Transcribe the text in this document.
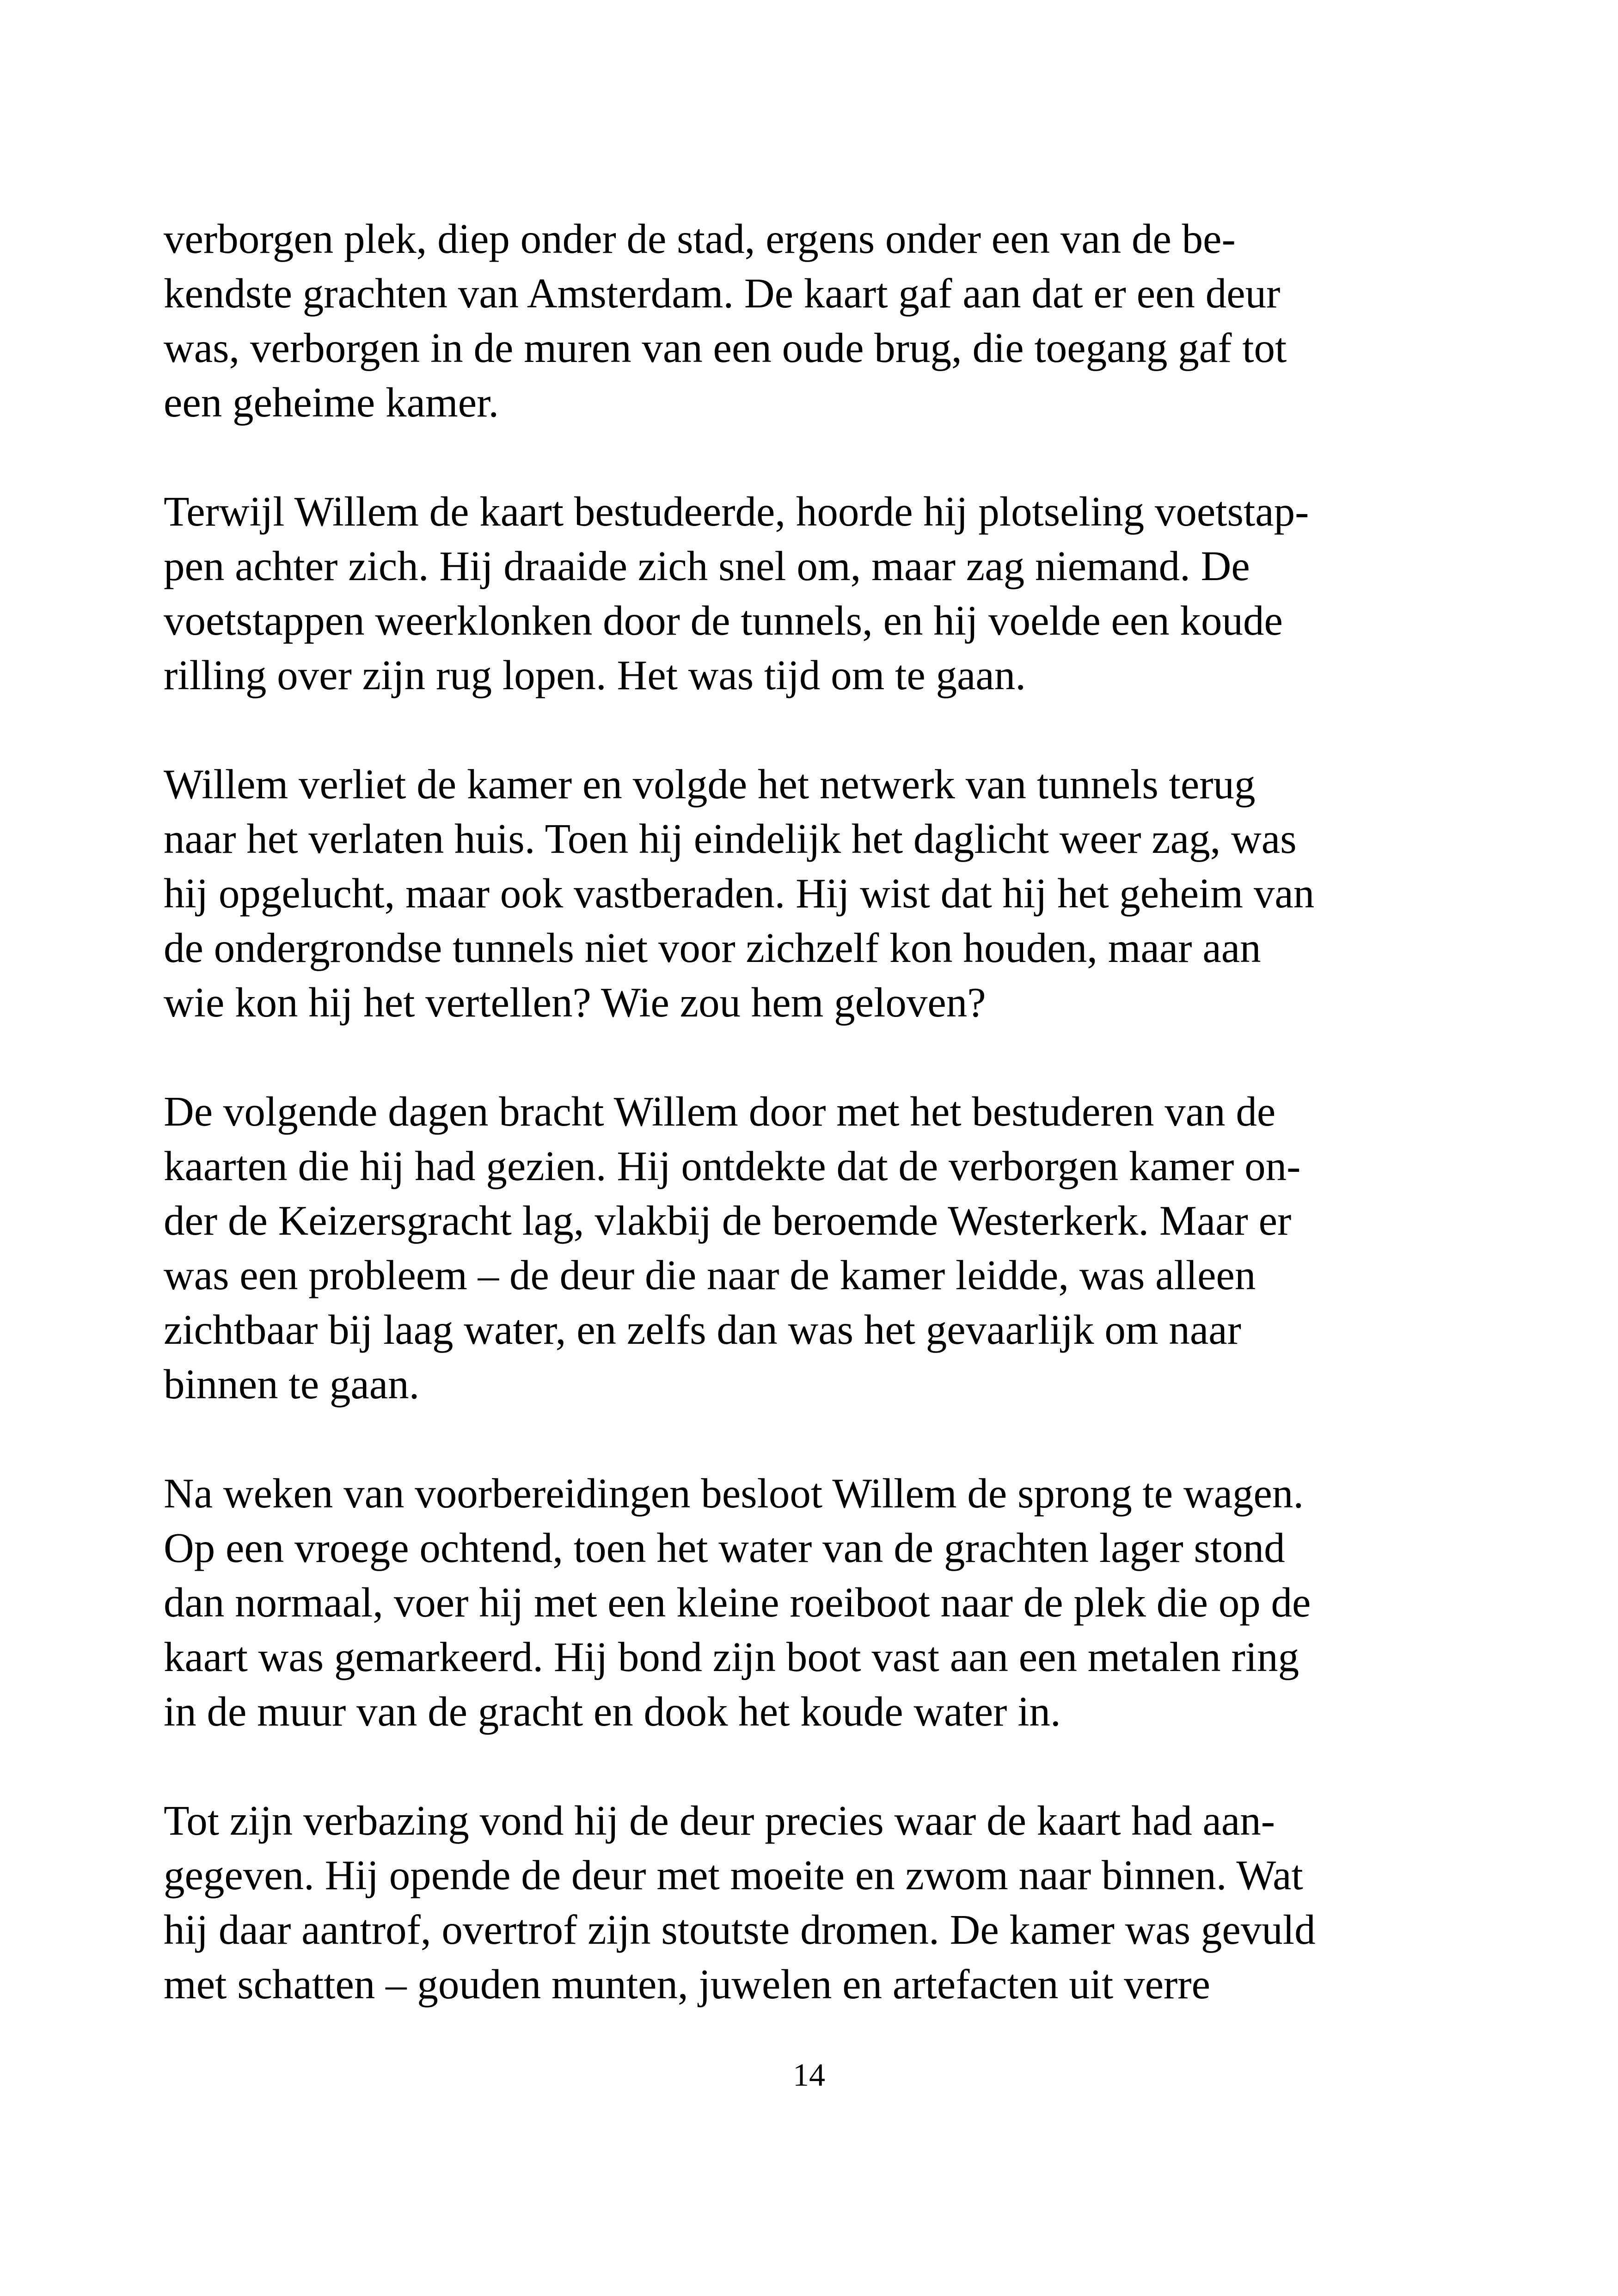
verborgen plek, diep onder de stad, ergens onder een van de be-
kendste grachten van Amsterdam. De kaart gaf aan dat er een deur
was, verborgen in de muren van een oude brug, die toegang gaf tot
een geheime kamer.
Terwijl Willem de kaart bestudeerde, hoorde hij plotseling voetstap-
pen achter zich. Hij draaide zich snel om, maar zag niemand. De
voetstappen weerklonken door de tunnels, en hij voelde een koude
rilling over zijn rug lopen. Het was tijd om te gaan.
Willem verliet de kamer en volgde het netwerk van tunnels terug
naar het verlaten huis. Toen hij eindelijk het daglicht weer zag, was
hij opgelucht, maar ook vastberaden. Hij wist dat hij het geheim van
de ondergrondse tunnels niet voor zichzelf kon houden, maar aan
wie kon hij het vertellen? Wie zou hem geloven?
De volgende dagen bracht Willem door met het bestuderen van de
kaarten die hij had gezien. Hij ontdekte dat de verborgen kamer on-
der de Keizersgracht lag, vlakbij de beroemde Westerkerk. Maar er
was een probleem – de deur die naar de kamer leidde, was alleen
zichtbaar bij laag water, en zelfs dan was het gevaarlijk om naar
binnen te gaan.
Na weken van voorbereidingen besloot Willem de sprong te wagen.
Op een vroege ochtend, toen het water van de grachten lager stond
dan normaal, voer hij met een kleine roeiboot naar de plek die op de
kaart was gemarkeerd. Hij bond zijn boot vast aan een metalen ring
in de muur van de gracht en dook het koude water in.
Tot zijn verbazing vond hij de deur precies waar de kaart had aan-
gegeven. Hij opende de deur met moeite en zwom naar binnen. Wat
hij daar aantrof, overtrof zijn stoutste dromen. De kamer was gevuld
met schatten – gouden munten, juwelen en artefacten uit verre
14
